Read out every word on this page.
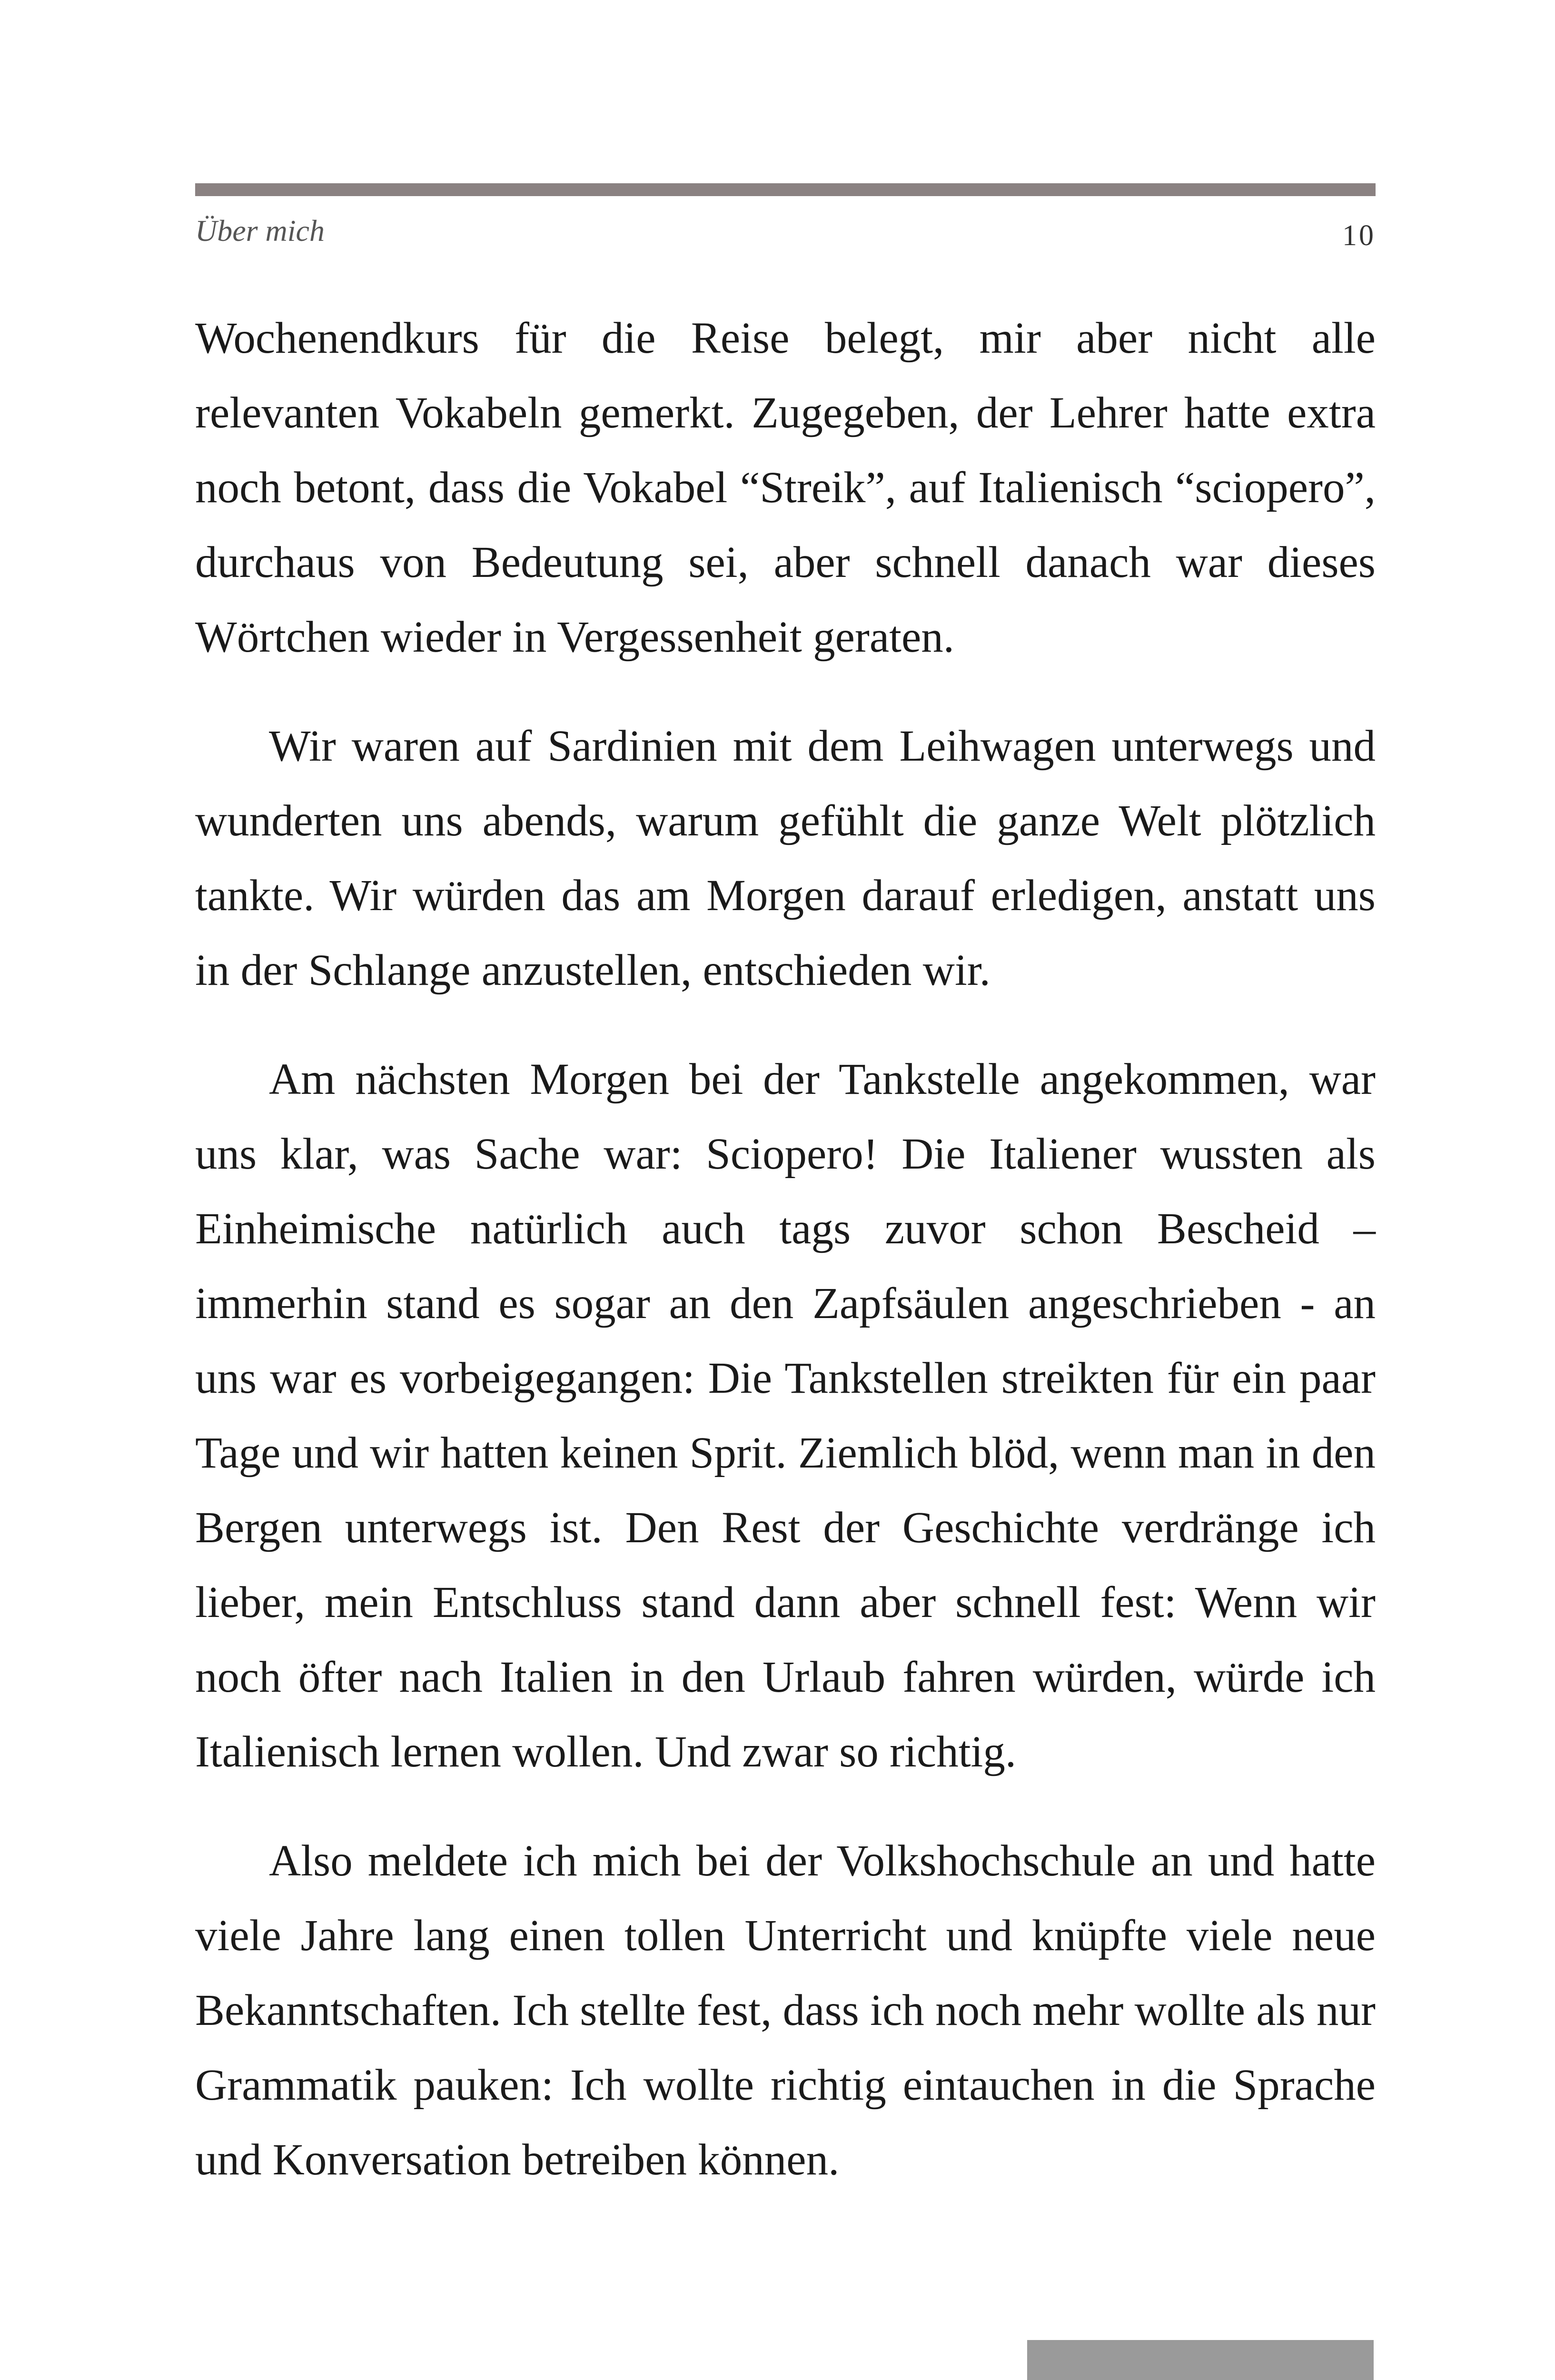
Über mich	10

Wochenendkurs für die Reise belegt, mir aber nicht alle relevanten Vokabeln gemerkt. Zugegeben, der Lehrer hatte extra noch betont, dass die Vokabel “Streik”, auf Italienisch “sciopero”, durchaus von Bedeutung sei, aber schnell danach war dieses Wörtchen wieder in Vergessenheit geraten.

Wir waren auf Sardinien mit dem Leihwagen unterwegs und wunderten uns abends, warum gefühlt die ganze Welt plötzlich tankte. Wir würden das am Morgen darauf erledigen, anstatt uns in der Schlange anzustellen, entschieden wir.

Am nächsten Morgen bei der Tankstelle angekommen, war uns klar, was Sache war: Sciopero! Die Italiener wussten als Einheimische natürlich auch tags zuvor schon Bescheid – immerhin stand es sogar an den Zapfsäulen angeschrieben - an uns war es vorbeigegangen: Die Tankstellen streikten für ein paar Tage und wir hatten keinen Sprit. Ziemlich blöd, wenn man in den Bergen unterwegs ist. Den Rest der Geschichte verdränge ich lieber, mein Entschluss stand dann aber schnell fest: Wenn wir noch öfter nach Italien in den Urlaub fahren würden, würde ich Italienisch lernen wollen. Und zwar so richtig.

Also meldete ich mich bei der Volkshochschule an und hatte viele Jahre lang einen tollen Unterricht und knüpfte viele neue Bekanntschaften. Ich stellte fest, dass ich noch mehr wollte als nur Grammatik pauken: Ich wollte richtig eintauchen in die Sprache und Konversation betreiben können.
